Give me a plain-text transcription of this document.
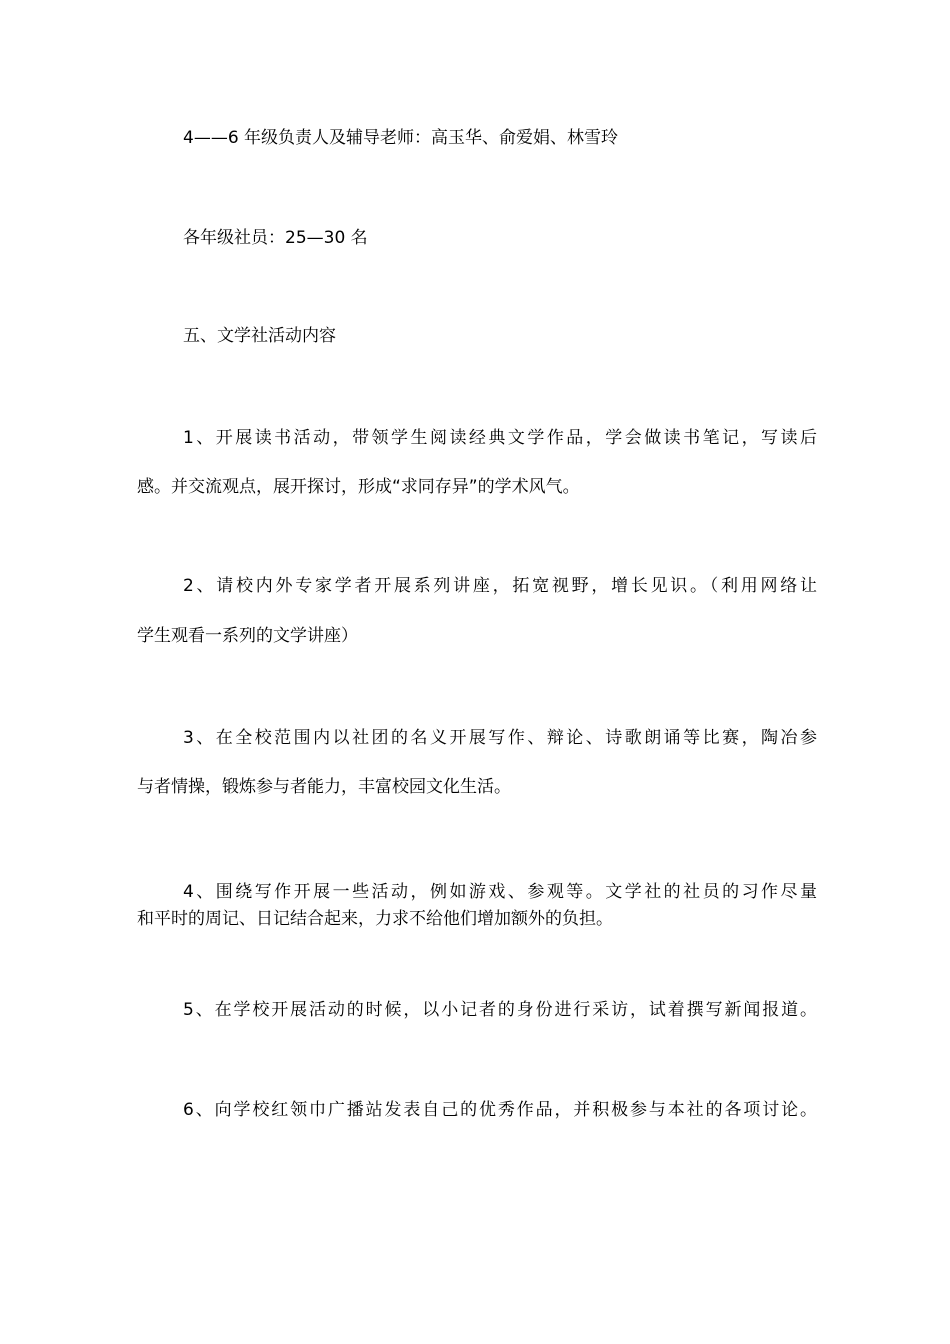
4——6 年级负责人及辅导老师：高玉华、俞爱娟、林雪玲
各年级社员：25—30 名
五、文学社活动内容
1、开展读书活动，带领学生阅读经典文学作品，学会做读书笔记，写读后
感。并交流观点，展开探讨，形成“求同存异”的学术风气。
2、请校内外专家学者开展系列讲座，拓宽视野，增长见识。（利用网络让
学生观看一系列的文学讲座）
3、在全校范围内以社团的名义开展写作、辩论、诗歌朗诵等比赛，陶冶参
与者情操，锻炼参与者能力，丰富校园文化生活。
4、围绕写作开展一些活动，例如游戏、参观等。文学社的社员的习作尽量
和平时的周记、日记结合起来，力求不给他们增加额外的负担。
5、在学校开展活动的时候，以小记者的身份进行采访，试着撰写新闻报道。
6、向学校红领巾广播站发表自己的优秀作品，并积极参与本社的各项讨论。
